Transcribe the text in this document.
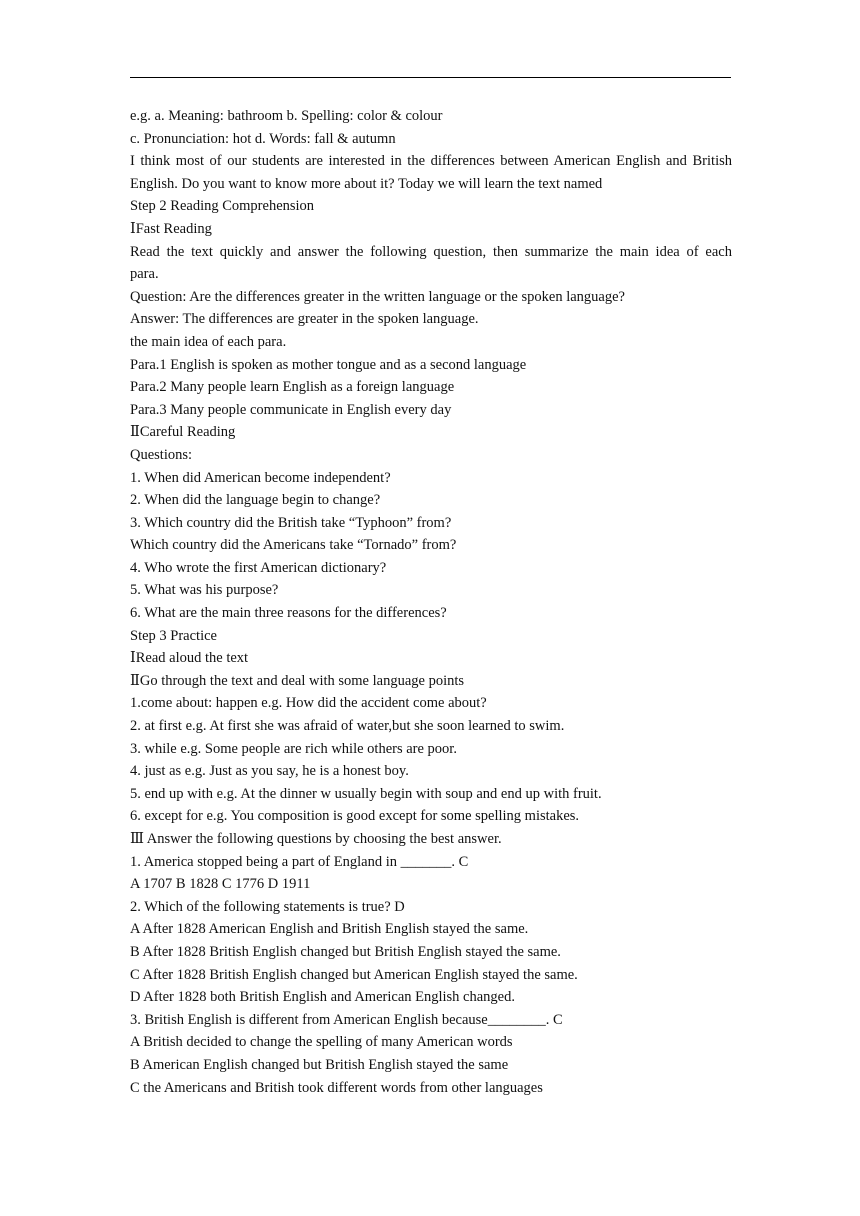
e.g. a. Meaning: bathroom b. Spelling: color & colour
c. Pronunciation: hot d. Words: fall & autumn
I think most of our students are interested in the differences between American English and British
English. Do you want to know more about it? Today we will learn the text named
Step 2 Reading Comprehension
ⅠFast Reading
Read the text quickly and answer the following question, then summarize the main idea of each
para.
Question: Are the differences greater in the written language or the spoken language?
Answer: The differences are greater in the spoken language.
the main idea of each para.
Para.1 English is spoken as mother tongue and as a second language
Para.2 Many people learn English as a foreign language
Para.3 Many people communicate in English every day
ⅡCareful Reading
Questions:
1. When did American become independent?
2. When did the language begin to change?
3. Which country did the British take “Typhoon” from?
Which country did the Americans take “Tornado” from?
4. Who wrote the first American dictionary?
5. What was his purpose?
6. What are the main three reasons for the differences?
Step 3 Practice
ⅠRead aloud the text
ⅡGo through the text and deal with some language points
1.come about: happen e.g. How did the accident come about?
2. at first e.g. At first she was afraid of water,but she soon learned to swim.
3. while e.g. Some people are rich while others are poor.
4. just as e.g. Just as you say, he is a honest boy.
5. end up with e.g. At the dinner w usually begin with soup and end up with fruit.
6. except for e.g. You composition is good except for some spelling mistakes.
Ⅲ Answer the following questions by choosing the best answer.
1. America stopped being a part of England in _______. C
A 1707 B 1828 C 1776 D 1911
2. Which of the following statements is true? D
A After 1828 American English and British English stayed the same.
B After 1828 British English changed but British English stayed the same.
C After 1828 British English changed but American English stayed the same.
D After 1828 both British English and American English changed.
3. British English is different from American English because________. C
A British decided to change the spelling of many American words
B American English changed but British English stayed the same
C the Americans and British took different words from other languages
